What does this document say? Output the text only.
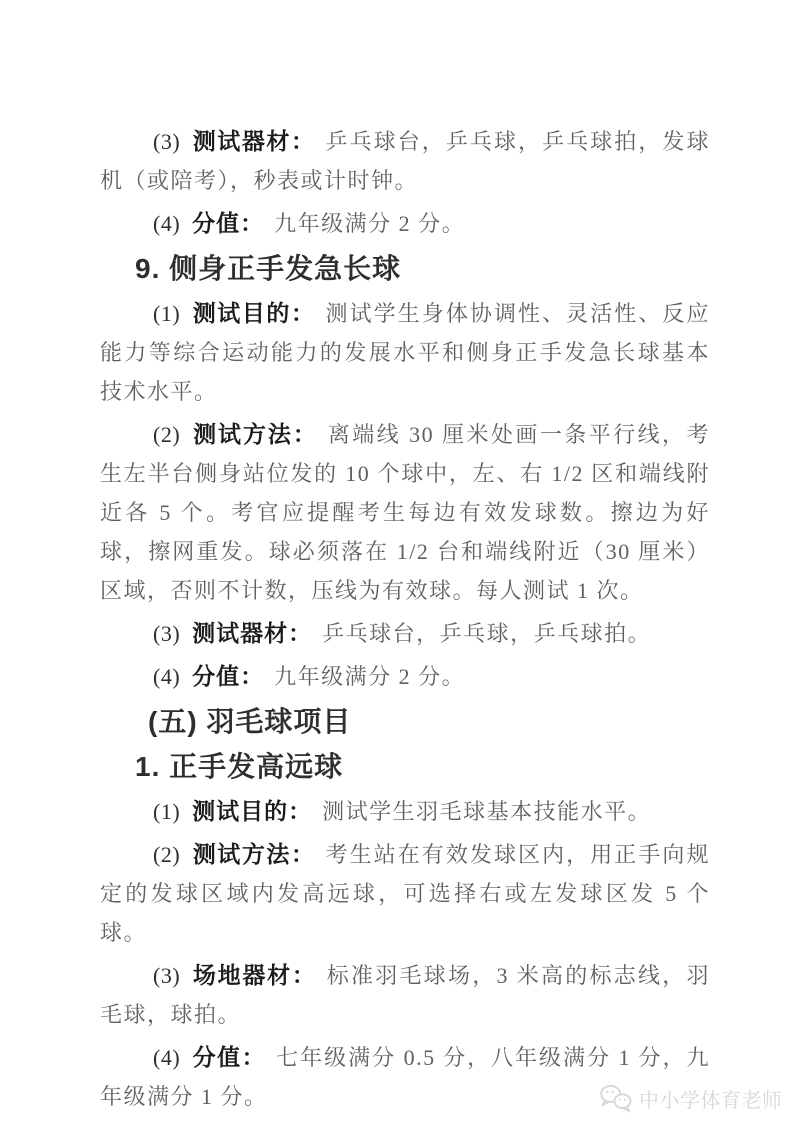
(3) 测试器材： 乒乓球台，乒乓球，乒乓球拍，发球机（或陪考），秒表或计时钟。

(4) 分值： 九年级满分 2 分。

9. 侧身正手发急长球

(1) 测试目的： 测试学生身体协调性、灵活性、反应能力等综合运动能力的发展水平和侧身正手发急长球基本技术水平。

(2) 测试方法： 离端线 30 厘米处画一条平行线，考生左半台侧身站位发的 10 个球中，左、右 1/2 区和端线附近各 5 个。考官应提醒考生每边有效发球数。擦边为好球，擦网重发。球必须落在 1/2 台和端线附近（30 厘米）区域，否则不计数，压线为有效球。每人测试 1 次。

(3) 测试器材： 乒乓球台，乒乓球，乒乓球拍。

(4) 分值： 九年级满分 2 分。

(五) 羽毛球项目

1. 正手发高远球

(1) 测试目的： 测试学生羽毛球基本技能水平。

(2) 测试方法： 考生站在有效发球区内，用正手向规定的发球区域内发高远球，可选择右或左发球区发 5 个球。

(3) 场地器材： 标准羽毛球场，3 米高的标志线，羽毛球，球拍。

(4) 分值： 七年级满分 0.5 分，八年级满分 1 分，九年级满分 1 分。	中小学体育老师
